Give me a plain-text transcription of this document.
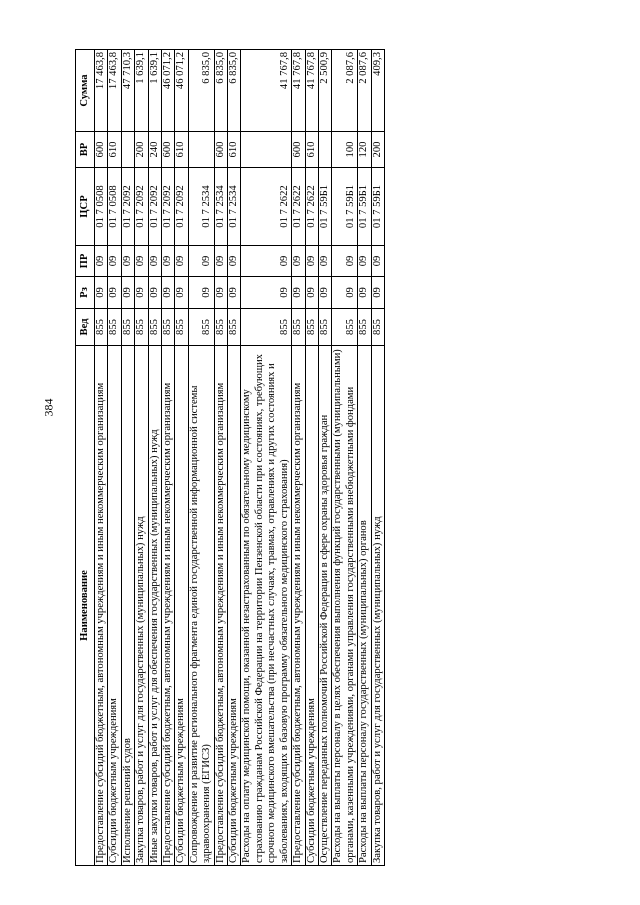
384
Наименование	Вед	Рз	ПР	ЦСР	ВР	Сумма
Предоставление субсидий бюджетным, автономным учреждениям и иным некоммерческим организациям	855	09	09	01 7 0508	600	17 463,8
Субсидии бюджетным учреждениям	855	09	09	01 7 0508	610	17 463,8
Исполнение решений судов	855	09	09	01 7 2092		47 710,3
Закупка товаров, работ и услуг для государственных (муниципальных) нужд	855	09	09	01 7 2092	200	1 639,1
Иные закупки товаров, работ и услуг для обеспечения государственных (муниципальных) нужд	855	09	09	01 7 2092	240	1 639,1
Предоставление субсидий бюджетным, автономным учреждениям и иным некоммерческим организациям	855	09	09	01 7 2092	600	46 071,2
Субсидии бюджетным учреждениям	855	09	09	01 7 2092	610	46 071,2
Сопровождение и развитие регионального фрагмента единой государственной информационной системы здравоохранения (ЕГИСЗ)	855	09	09	01 7 2534		6 835,0
Предоставление субсидий бюджетным, автономным учреждениям и иным некоммерческим организациям	855	09	09	01 7 2534	600	6 835,0
Субсидии бюджетным учреждениям	855	09	09	01 7 2534	610	6 835,0
Расходы на оплату медицинской помощи, оказанной незастрахованным по обязательному медицинскому страхованию гражданам Российской Федерации на территории Пензенской области при состояниях, требующих срочного медицинского вмешательства (при несчастных случаях, травмах, отравлениях и других состояниях и заболеваниях, входящих в базовую программу обязательного медицинского страхования)	855	09	09	01 7 2622		41 767,8
Предоставление субсидий бюджетным, автономным учреждениям и иным некоммерческим организациям	855	09	09	01 7 2622	600	41 767,8
Субсидии бюджетным учреждениям	855	09	09	01 7 2622	610	41 767,8
Осуществление переданных полномочий Российской Федерации в сфере охраны здоровья граждан	855	09	09	01 7 59Б1		2 500,9
Расходы на выплаты персоналу в целях обеспечения выполнения функций государственными (муниципальными) органами, казенными учреждениями, органами управления государственными внебюджетными фондами	855	09	09	01 7 59Б1	100	2 087,6
Расходы на выплаты персоналу государственных (муниципальных) органов	855	09	09	01 7 59Б1	120	2 087,6
Закупка товаров, работ и услуг для государственных (муниципальных) нужд	855	09	09	01 7 59Б1	200	409,3
